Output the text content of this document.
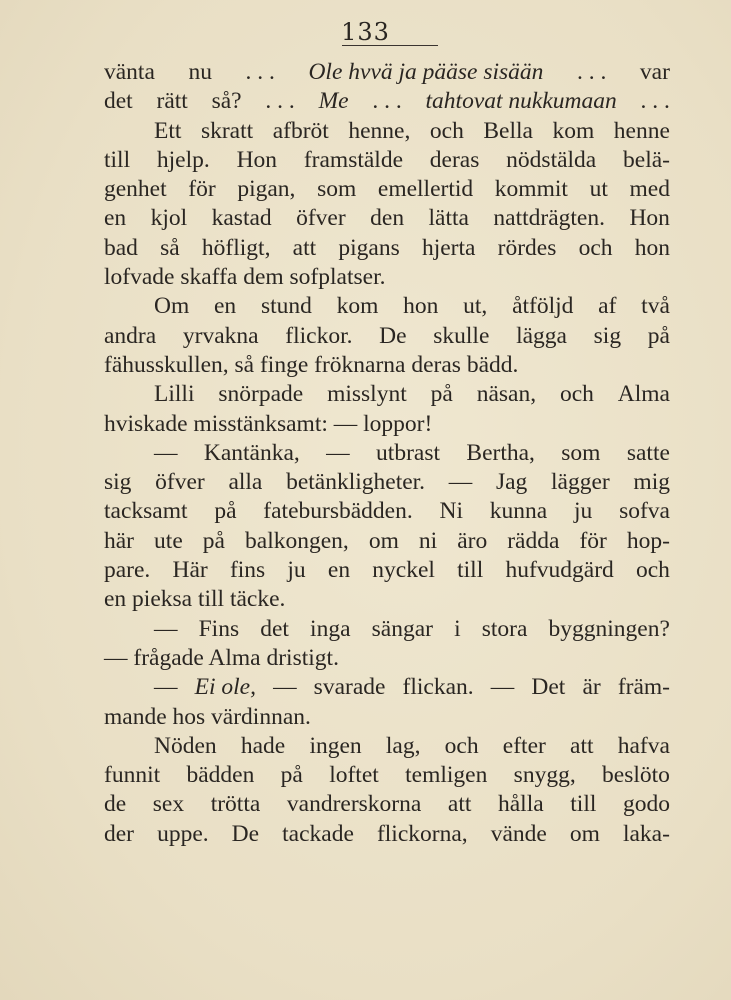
133
vänta nu . . . Ole hvvä ja pääse sisään . . . var
det rätt så? . . . Me . . . tahtovat nukkumaan . . .
Ett skratt afbröt henne, och Bella kom henne
till hjelp. Hon framstälde deras nödstälda belä-
genhet för pigan, som emellertid kommit ut med
en kjol kastad öfver den lätta nattdrägten. Hon
bad så höfligt, att pigans hjerta rördes och hon
lofvade skaffa dem sofplatser.
Om en stund kom hon ut, åtföljd af två
andra yrvakna flickor. De skulle lägga sig på
fähusskullen, så finge fröknarna deras bädd.
Lilli snörpade misslynt på näsan, och Alma
hviskade misstänksamt: — loppor!
— Kantänka, — utbrast Bertha, som satte
sig öfver alla betänkligheter. — Jag lägger mig
tacksamt på fatebursbädden. Ni kunna ju sofva
här ute på balkongen, om ni äro rädda för hop-
pare. Här fins ju en nyckel till hufvudgärd och
en pieksa till täcke.
— Fins det inga sängar i stora byggningen?
— frågade Alma dristigt.
— Ei ole, — svarade flickan. — Det är främ-
mande hos värdinnan.
Nöden hade ingen lag, och efter att hafva
funnit bädden på loftet temligen snygg, beslöto
de sex trötta vandrerskorna att hålla till godo
der uppe. De tackade flickorna, vände om laka-
